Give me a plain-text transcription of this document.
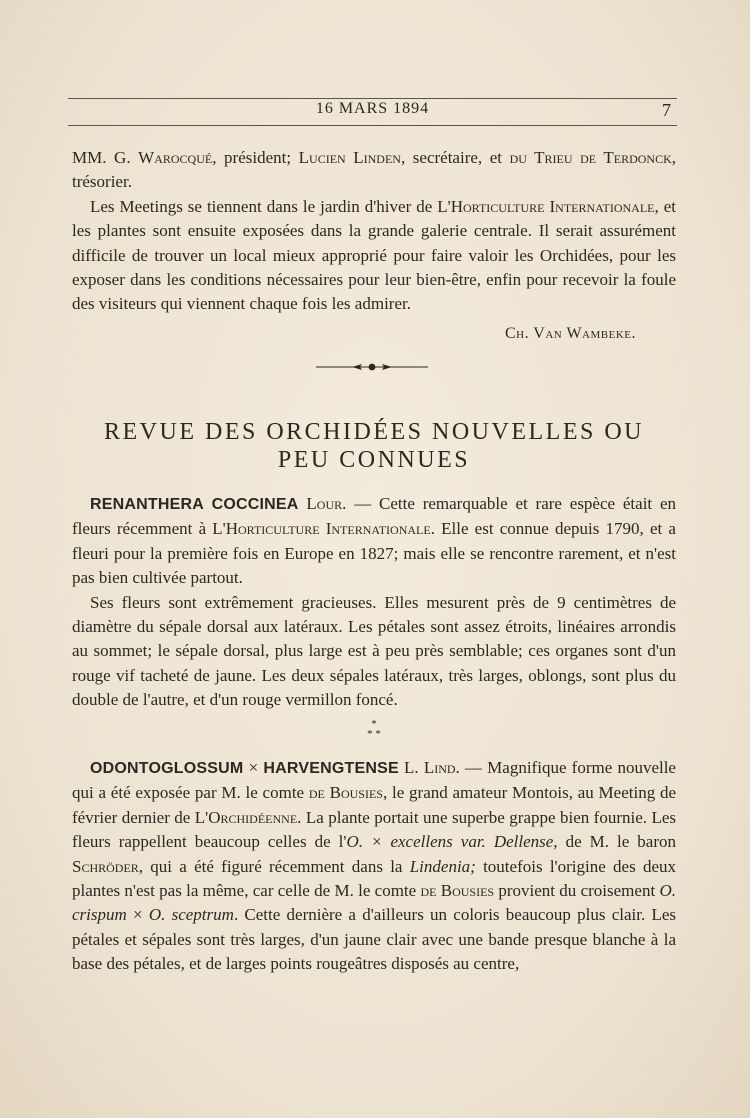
16 MARS 1894	7

MM. G. Warocqué, président; Lucien Linden, secrétaire, et du Trieu de Terdonck, trésorier.

Les Meetings se tiennent dans le jardin d'hiver de L'Horticulture Internationale, et les plantes sont ensuite exposées dans la grande galerie centrale. Il serait assurément difficile de trouver un local mieux approprié pour faire valoir les Orchidées, pour les exposer dans les conditions nécessaires pour leur bien-être, enfin pour recevoir la foule des visiteurs qui viennent chaque fois les admirer.

Ch. Van Wambeke.
REVUE DES ORCHIDÉES NOUVELLES OU
PEU CONNUES

RENANTHERA COCCINEA Lour. — Cette remarquable et rare espèce était en fleurs récemment à L'Horticulture Internationale. Elle est connue depuis 1790, et a fleuri pour la première fois en Europe en 1827; mais elle se rencontre rarement, et n'est pas bien cultivée partout.

Ses fleurs sont extrêmement gracieuses. Elles mesurent près de 9 centimètres de diamètre du sépale dorsal aux latéraux. Les pétales sont assez étroits, linéaires arrondis au sommet; le sépale dorsal, plus large est à peu près semblable; ces organes sont d'un rouge vif tacheté de jaune. Les deux sépales latéraux, très larges, oblongs, sont plus du double de l'autre, et d'un rouge vermillon foncé.

*
* *

ODONTOGLOSSUM × HARVENGTENSE L. Lind. — Magnifique forme nouvelle qui a été exposée par M. le comte de Bousies, le grand amateur Montois, au Meeting de février dernier de L'Orchidéenne. La plante portait une superbe grappe bien fournie. Les fleurs rappellent beaucoup celles de l'O. × excellens var. Dellense, de M. le baron Schröder, qui a été figuré récemment dans la Lindenia; toutefois l'origine des deux plantes n'est pas la même, car celle de M. le comte de Bousies provient du croisement O. crispum × O. sceptrum. Cette dernière a d'ailleurs un coloris beaucoup plus clair. Les pétales et sépales sont très larges, d'un jaune clair avec une bande presque blanche à la base des pétales, et de larges points rougeâtres disposés au centre,
